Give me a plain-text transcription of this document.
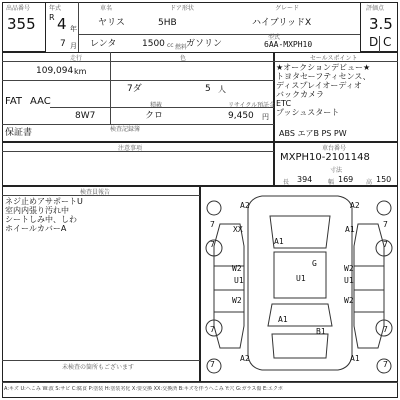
出品番号
355
年式
R 4 年
7 月
車名
ヤリス
ドア形状
5HB
グレード
ハイブリッドX
レンタ	1500 cc 燃料
ガソリン
型式
6AA-MXPH10
評価点
3.5
D C
走行
109,094 km
色
7ダ	5 人
FAT AAC	積載
8W7	クロ
リサイクル預託金
9,450 円
検査記録簿
保証書
注意事項
セールスポイント
★オークションデビュー★
トヨタセーフティセンス、
ディスプレイオーディオ
バックカメラ
ETC
プッシュスタート
ABS エアB PS PW
車台番号
MXPH10-2101148
寸法
長 394	幅 169 高 150
検査員報告
ネジ止めアサポートU
室内内張り汚れ中
シートしみ中、しわ
ホイールカバーA
未検査の箇所もございます
A2	A2
XX	A1
A1
G
W2
U1	U1
W2
U1
W2	W2
A1
B1
A2	A1
7	7
7	7
7	7
7	7
A:キズ U:へこみ W:波 S:サビ C:腐食 P:塗装 H:塗装劣化 X:要交換 XX:交換済 B:キズを伴うへこみ Y:穴 G:ガラス傷 E:エクボ
